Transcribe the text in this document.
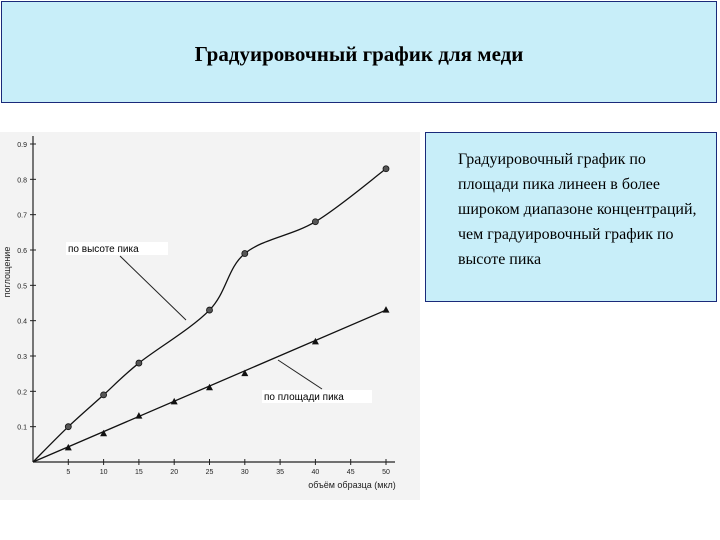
Градуировочный график для меди
0.1
0.2
0.3
0.4
0.5
0.6
0.7
0.8
0.9
5	10	15	20	25	30	35	40	45	50
объём образца (мкл)
поглощение	по высоте пика
по площади пика
Градуировочный график по площади пика линеен в более широком диапазоне концентраций, чем градуировочный график по высоте пика
